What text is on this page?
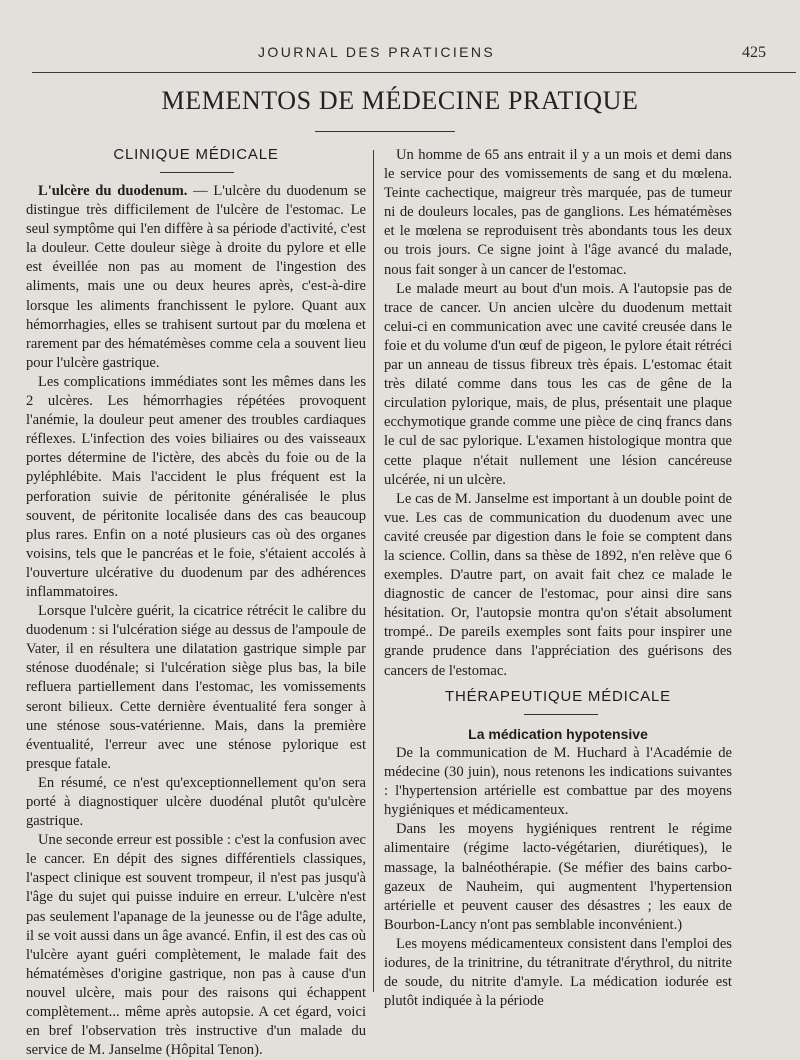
JOURNAL DES PRATICIENS	425
MEMENTOS DE MÉDECINE PRATIQUE
CLINIQUE MÉDICALE

L'ulcère du duodenum. — L'ulcère du duodenum se distingue très difficilement de l'ulcère de l'estomac. Le seul symptôme qui l'en diffère à sa période d'activité, c'est la douleur. Cette douleur siège à droite du pylore et elle est éveillée non pas au moment de l'ingestion des aliments, mais une ou deux heures après, c'est-à-dire lorsque les aliments franchissent le pylore. Quant aux hémorrhagies, elles se trahisent surtout par du mœlena et rarement par des hématémèses comme cela a souvent lieu pour l'ulcère gastrique.

Les complications immédiates sont les mêmes dans les 2 ulcères. Les hémorrhagies répétées provoquent l'anémie, la douleur peut amener des troubles cardiaques réflexes. L'infection des voies biliaires ou des vaisseaux portes détermine de l'ictère, des abcès du foie ou de la pyléphlébite. Mais l'accident le plus fréquent est la perforation suivie de péritonite généralisée le plus souvent, de péritonite localisée dans des cas beaucoup plus rares. Enfin on a noté plusieurs cas où des organes voisins, tels que le pancréas et le foie, s'étaient accolés à l'ouverture ulcérative du duodenum par des adhérences inflammatoires.

Lorsque l'ulcère guérit, la cicatrice rétrécit le calibre du duodenum : si l'ulcération siége au dessus de l'ampoule de Vater, il en résultera une dilatation gastrique simple par sténose duodénale; si l'ulcération siège plus bas, la bile refluera partiellement dans l'estomac, les vomissements seront bilieux. Cette dernière éventualité fera songer à une sténose sous-vatérienne. Mais, dans la première éventualité, l'erreur avec une sténose pylorique est presque fatale.

En résumé, ce n'est qu'exceptionnellement qu'on sera porté à diagnostiquer ulcère duodénal plutôt qu'ulcère gastrique.

Une seconde erreur est possible : c'est la confusion avec le cancer. En dépit des signes différentiels classiques, l'aspect clinique est souvent trompeur, il n'est pas jusqu'à l'âge du sujet qui puisse induire en erreur. L'ulcère n'est pas seulement l'apanage de la jeunesse ou de l'âge adulte, il se voit aussi dans un âge avancé. Enfin, il est des cas où l'ulcère ayant guéri complètement, le malade fait des hématémèses d'origine gastrique, non pas à cause d'un nouvel ulcère, mais pour des raisons qui échappent complètement... même après autopsie. A cet égard, voici en bref l'observation très instructive d'un malade du service de M. Janselme (Hôpital Tenon).

Un homme de 65 ans entrait il y a un mois et demi dans le service pour des vomissements de sang et du mœlena. Teinte cachectique, maigreur très marquée, pas de tumeur ni de douleurs locales, pas de ganglions. Les hématémèses et le mœlena se reproduisent très abondants tous les deux ou trois jours. Ce signe joint à l'âge avancé du malade, nous fait songer à un cancer de l'estomac.

Le malade meurt au bout d'un mois. A l'autopsie pas de trace de cancer. Un ancien ulcère du duodenum mettait celui-ci en communication avec une cavité creusée dans le foie et du volume d'un œuf de pigeon, le pylore était rétréci par un anneau de tissus fibreux très épais. L'estomac était très dilaté comme dans tous les cas de gêne de la circulation pylorique, mais, de plus, présentait une plaque ecchymotique grande comme une pièce de cinq francs dans le cul de sac pylorique. L'examen histologique montra que cette plaque n'était nullement une lésion cancéreuse ulcérée, ni un ulcère.

Le cas de M. Janselme est important à un double point de vue. Les cas de communication du duodenum avec une cavité creusée par digestion dans le foie se comptent dans la science. Collin, dans sa thèse de 1892, n'en relève que 6 exemples. D'autre part, on avait fait chez ce malade le diagnostic de cancer de l'estomac, pour ainsi dire sans hésitation. Or, l'autopsie montra qu'on s'était absolument trompé.. De pareils exemples sont faits pour inspirer une grande prudence dans l'appréciation des guérisons des cancers de l'estomac.

THÉRAPEUTIQUE MÉDICALE
La médication hypotensive

De la communication de M. Huchard à l'Académie de médecine (30 juin), nous retenons les indications suivantes : l'hypertension artérielle est combattue par des moyens hygiéniques et médicamenteux.

Dans les moyens hygiéniques rentrent le régime alimentaire (régime lacto-végétarien, diurétiques), le massage, la balnéothérapie. (Se méfier des bains carbo-gazeux de Nauheim, qui augmentent l'hypertension artérielle et peuvent causer des désastres ; les eaux de Bourbon-Lancy n'ont pas semblable inconvénient.)

Les moyens médicamenteux consistent dans l'emploi des iodures, de la trinitrine, du tétranitrate d'érythrol, du nitrite de soude, du nitrite d'amyle. La médication iodurée est plutôt indiquée à la période
